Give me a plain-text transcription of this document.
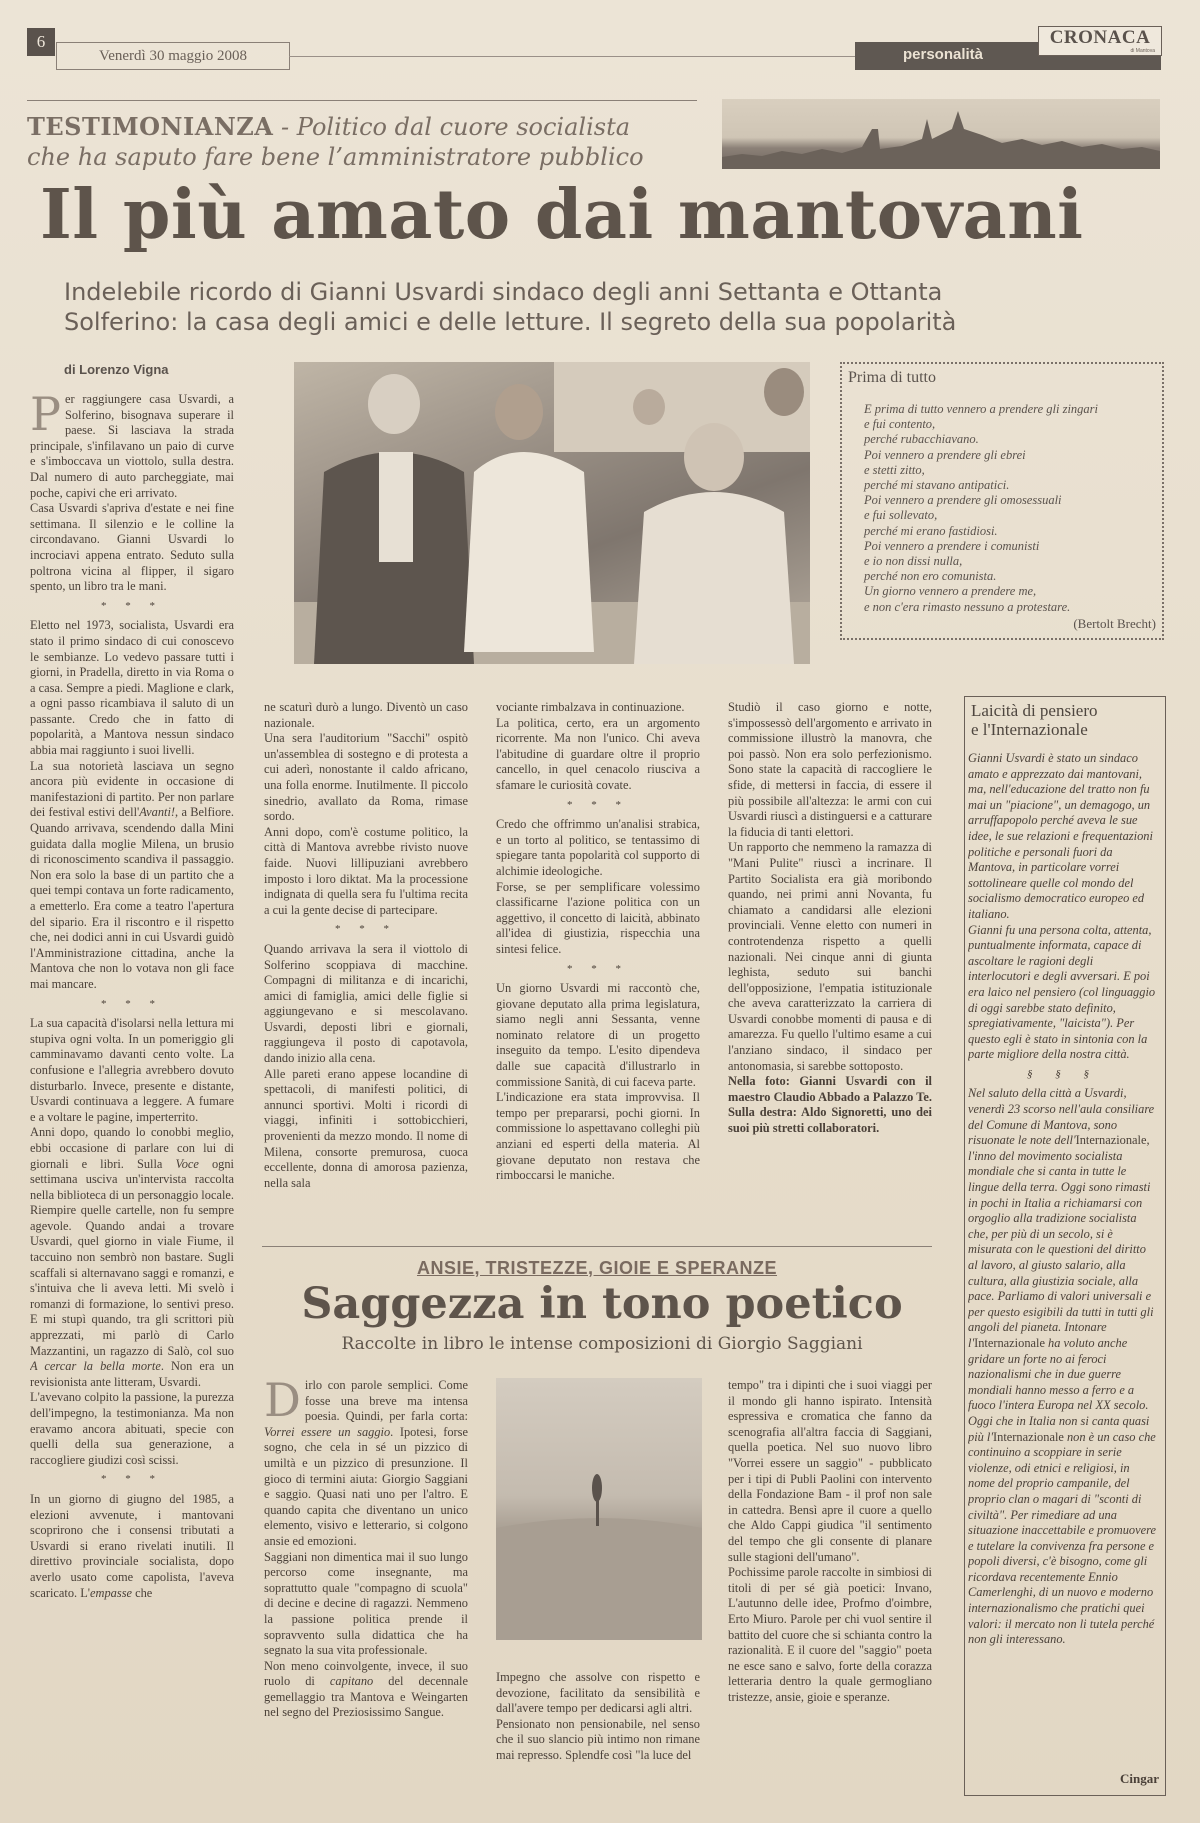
6
Venerdì 30 maggio 2008	personalità
CRONACA
di Mantova
TESTIMONIANZA - Politico dal cuore socialista
che ha saputo fare bene l’amministratore pubblico
Il più amato dai mantovani
Indelebile ricordo di Gianni Usvardi sindaco degli anni Settanta e Ottanta
Solferino: la casa degli amici e delle letture. Il segreto della sua popolarità
di Lorenzo Vigna

Per raggiungere casa Usvardi, a Solferino, bisognava superare il paese. Si lasciava la strada principale, s'infilavano un paio di curve e s'imboccava un viottolo, sulla destra. Dal numero di auto parcheggiate, mai poche, capivi che eri arrivato.

Casa Usvardi s'apriva d'estate e nei fine settimana. Il silenzio e le colline la circondavano. Gianni Usvardi lo incrociavi appena entrato. Seduto sulla poltrona vicina al flipper, il sigaro spento, un libro tra le mani.

* * *

Eletto nel 1973, socialista, Usvardi era stato il primo sindaco di cui conoscevo le sembianze. Lo vedevo passare tutti i giorni, in Pradella, diretto in via Roma o a casa. Sempre a piedi. Maglione e clark, a ogni passo ricambiava il saluto di un passante. Credo che in fatto di popolarità, a Mantova nessun sindaco abbia mai raggiunto i suoi livelli.

La sua notorietà lasciava un segno ancora più evidente in occasione di manifestazioni di partito. Per non parlare dei festival estivi dell'Avanti!, a Belfiore. Quando arrivava, scendendo dalla Mini guidata dalla moglie Milena, un brusio di riconoscimento scandiva il passaggio. Non era solo la base di un partito che a quei tempi contava un forte radicamento, a emetterlo. Era come a teatro l'apertura del sipario. Era il riscontro e il rispetto che, nei dodici anni in cui Usvardi guidò l'Amministrazione cittadina, anche la Mantova che non lo votava non gli face mai mancare.

* * *

La sua capacità d'isolarsi nella lettura mi stupiva ogni volta. In un pomeriggio gli camminavamo davanti cento volte. La confusione e l'allegria avrebbero dovuto disturbarlo. Invece, presente e distante, Usvardi continuava a leggere. A fumare e a voltare le pagine, imperterrito.

Anni dopo, quando lo conobbi meglio, ebbi occasione di parlare con lui di giornali e libri. Sulla Voce ogni settimana usciva un'intervista raccolta nella biblioteca di un personaggio locale. Riempire quelle cartelle, non fu sempre agevole. Quando andai a trovare Usvardi, quel giorno in viale Fiume, il taccuino non sembrò non bastare. Sugli scaffali si alternavano saggi e romanzi, e s'intuiva che li aveva letti. Mi svelò i romanzi di formazione, lo sentivi preso. E mi stupì quando, tra gli scrittori più apprezzati, mi parlò di Carlo Mazzantini, un ragazzo di Salò, col suo A cercar la bella morte. Non era un revisionista ante litteram, Usvardi.

L'avevano colpito la passione, la purezza dell'impegno, la testimonianza. Ma non eravamo ancora abituati, specie con quelli della sua generazione, a raccogliere giudizi così scissi.

* * *

In un giorno di giugno del 1985, a elezioni avvenute, i mantovani scoprirono che i consensi tributati a Usvardi si erano rivelati inutili. Il direttivo provinciale socialista, dopo averlo usato come capolista, l'aveva scaricato. L'empasse che

Prima di tutto
E prima di tutto vennero a prendere gli zingari
e fui contento,
perché rubacchiavano.
Poi vennero a prendere gli ebrei
e stetti zitto,
perché mi stavano antipatici.
Poi vennero a prendere gli omosessuali
e fui sollevato,
perché mi erano fastidiosi.
Poi vennero a prendere i comunisti
e io non dissi nulla,
perché non ero comunista.
Un giorno vennero a prendere me,
e non c'era rimasto nessuno a protestare.
(Bertolt Brecht)

ne scaturì durò a lungo. Diventò un caso nazionale.

Una sera l'auditorium "Sacchi" ospitò un'assemblea di sostegno e di protesta a cui aderì, nonostante il caldo africano, una folla enorme. Inutilmente. Il piccolo sinedrio, avallato da Roma, rimase sordo.

Anni dopo, com'è costume politico, la città di Mantova avrebbe rivisto nuove faide. Nuovi lillipuziani avrebbero imposto i loro diktat. Ma la processione indignata di quella sera fu l'ultima recita a cui la gente decise di partecipare.

* * *

Quando arrivava la sera il viottolo di Solferino scoppiava di macchine. Compagni di militanza e di incarichi, amici di famiglia, amici delle figlie si aggiungevano e si mescolavano. Usvardi, deposti libri e giornali, raggiungeva il posto di capotavola, dando inizio alla cena.

Alle pareti erano appese locandine di spettacoli, di manifesti politici, di annunci sportivi. Molti i ricordi di viaggi, infiniti i sottobicchieri, provenienti da mezzo mondo. Il nome di Milena, consorte premurosa, cuoca eccellente, donna di amorosa pazienza, nella sala

vociante rimbalzava in continuazione.

La politica, certo, era un argomento ricorrente. Ma non l'unico. Chi aveva l'abitudine di guardare oltre il proprio cancello, in quel cenacolo riusciva a sfamare le curiosità covate.

* * *

Credo che offrimmo un'analisi strabica, e un torto al politico, se tentassimo di spiegare tanta popolarità col supporto di alchimie ideologiche.

Forse, se per semplificare volessimo classificarne l'azione politica con un aggettivo, il concetto di laicità, abbinato all'idea di giustizia, rispecchia una sintesi felice.

* * *

Un giorno Usvardi mi raccontò che, giovane deputato alla prima legislatura, siamo negli anni Sessanta, venne nominato relatore di un progetto inseguito da tempo. L'esito dipendeva dalle sue capacità d'illustrarlo in commissione Sanità, di cui faceva parte.

L'indicazione era stata improvvisa. Il tempo per prepararsi, pochi giorni. In commissione lo aspettavano colleghi più anziani ed esperti della materia. Al giovane deputato non restava che rimboccarsi le maniche.

Studiò il caso giorno e notte, s'impossessò dell'argomento e arrivato in commissione illustrò la manovra, che poi passò. Non era solo perfezionismo. Sono state la capacità di raccogliere le sfide, di mettersi in faccia, di essere il più possibile all'altezza: le armi con cui Usvardi riuscì a distinguersi e a catturare la fiducia di tanti elettori.

Un rapporto che nemmeno la ramazza di "Mani Pulite" riuscì a incrinare. Il Partito Socialista era già moribondo quando, nei primi anni Novanta, fu chiamato a candidarsi alle elezioni provinciali. Venne eletto con numeri in controtendenza rispetto a quelli nazionali. Nei cinque anni di giunta leghista, seduto sui banchi dell'opposizione, l'empatia istituzionale che aveva caratterizzato la carriera di Usvardi conobbe momenti di pausa e di amarezza. Fu quello l'ultimo esame a cui l'anziano sindaco, il sindaco per antonomasia, si sarebbe sottoposto.

Nella foto: Gianni Usvardi con il maestro Claudio Abbado a Palazzo Te. Sulla destra: Aldo Signoretti, uno dei suoi più stretti collaboratori.

Laicità di pensiero
e l'Internazionale

Gianni Usvardi è stato un sindaco amato e apprezzato dai mantovani, ma, nell'educazione del tratto non fu mai un "piacione", un demagogo, un arruffapopolo perché aveva le sue idee, le sue relazioni e frequentazioni politiche e personali fuori da Mantova, in particolare vorrei sottolineare quelle col mondo del socialismo democratico europeo ed italiano.

Gianni fu una persona colta, attenta, puntualmente informata, capace di ascoltare le ragioni degli interlocutori e degli avversari. E poi era laico nel pensiero (col linguaggio di oggi sarebbe stato definito, spregiativamente, "laicista"). Per questo egli è stato in sintonia con la parte migliore della nostra città.

§ § §

Nel saluto della città a Usvardi, venerdì 23 scorso nell'aula consiliare del Comune di Mantova, sono risuonate le note dell'Internazionale, l'inno del movimento socialista mondiale che si canta in tutte le lingue della terra. Oggi sono rimasti in pochi in Italia a richiamarsi con orgoglio alla tradizione socialista che, per più di un secolo, si è misurata con le questioni del diritto al lavoro, al giusto salario, alla cultura, alla giustizia sociale, alla pace. Parliamo di valori universali e per questo esigibili da tutti in tutti gli angoli del pianeta. Intonare l'Internazionale ha voluto anche gridare un forte no ai feroci nazionalismi che in due guerre mondiali hanno messo a ferro e a fuoco l'intera Europa nel XX secolo.

Oggi che in Italia non si canta quasi più l'Internazionale non è un caso che continuino a scoppiare in serie violenze, odi etnici e religiosi, in nome del proprio campanile, del proprio clan o magari di "sconti di civiltà". Per rimediare ad una situazione inaccettabile e promuovere e tutelare la convivenza fra persone e popoli diversi, c'è bisogno, come gli ricordava recentemente Ennio Camerlenghi, di un nuovo e moderno internazionalismo che pratichi quei valori: il mercato non li tutela perché non gli interessano.

Cingar
ANSIE, TRISTEZZE, GIOIE E SPERANZE
Saggezza in tono poetico
Raccolte in libro le intense composizioni di Giorgio Saggiani

Dirlo con parole semplici. Come fosse una breve ma intensa poesia. Quindi, per farla corta: Vorrei essere un saggio. Ipotesi, forse sogno, che cela in sé un pizzico di umiltà e un pizzico di presunzione. Il gioco di termini aiuta: Giorgio Saggiani e saggio. Quasi nati uno per l'altro. E quando capita che diventano un unico elemento, visivo e letterario, si colgono ansie ed emozioni.

Saggiani non dimentica mai il suo lungo percorso come insegnante, ma soprattutto quale "compagno di scuola" di decine e decine di ragazzi. Nemmeno la passione politica prende il sopravvento sulla didattica che ha segnato la sua vita professionale.

Non meno coinvolgente, invece, il suo ruolo di capitano del decennale gemellaggio tra Mantova e Weingarten nel segno del Preziosissimo Sangue.

Impegno che assolve con rispetto e devozione, facilitato da sensibilità e dall'avere tempo per dedicarsi agli altri.

Pensionato non pensionabile, nel senso che il suo slancio più intimo non rimane mai represso. Splendfe così "la luce del

tempo" tra i dipinti che i suoi viaggi per il mondo gli hanno ispirato. Intensità espressiva e cromatica che fanno da scenografia all'altra faccia di Saggiani, quella poetica. Nel suo nuovo libro "Vorrei essere un saggio" - pubblicato per i tipi di Publi Paolini con intervento della Fondazione Bam - il prof non sale in cattedra. Bensì apre il cuore a quello che Aldo Cappi giudica "il sentimento del tempo che gli consente di planare sulle stagioni dell'umano".

Pochissime parole raccolte in simbiosi di titoli di per sé già poetici: Invano, L'autunno delle idee, Profmo d'oimbre, Erto Miuro. Parole per chi vuol sentire il battito del cuore che si schianta contro la razionalità. E il cuore del "saggio" poeta ne esce sano e salvo, forte della corazza letteraria dentro la quale germogliano tristezze, ansie, gioie e speranze.
